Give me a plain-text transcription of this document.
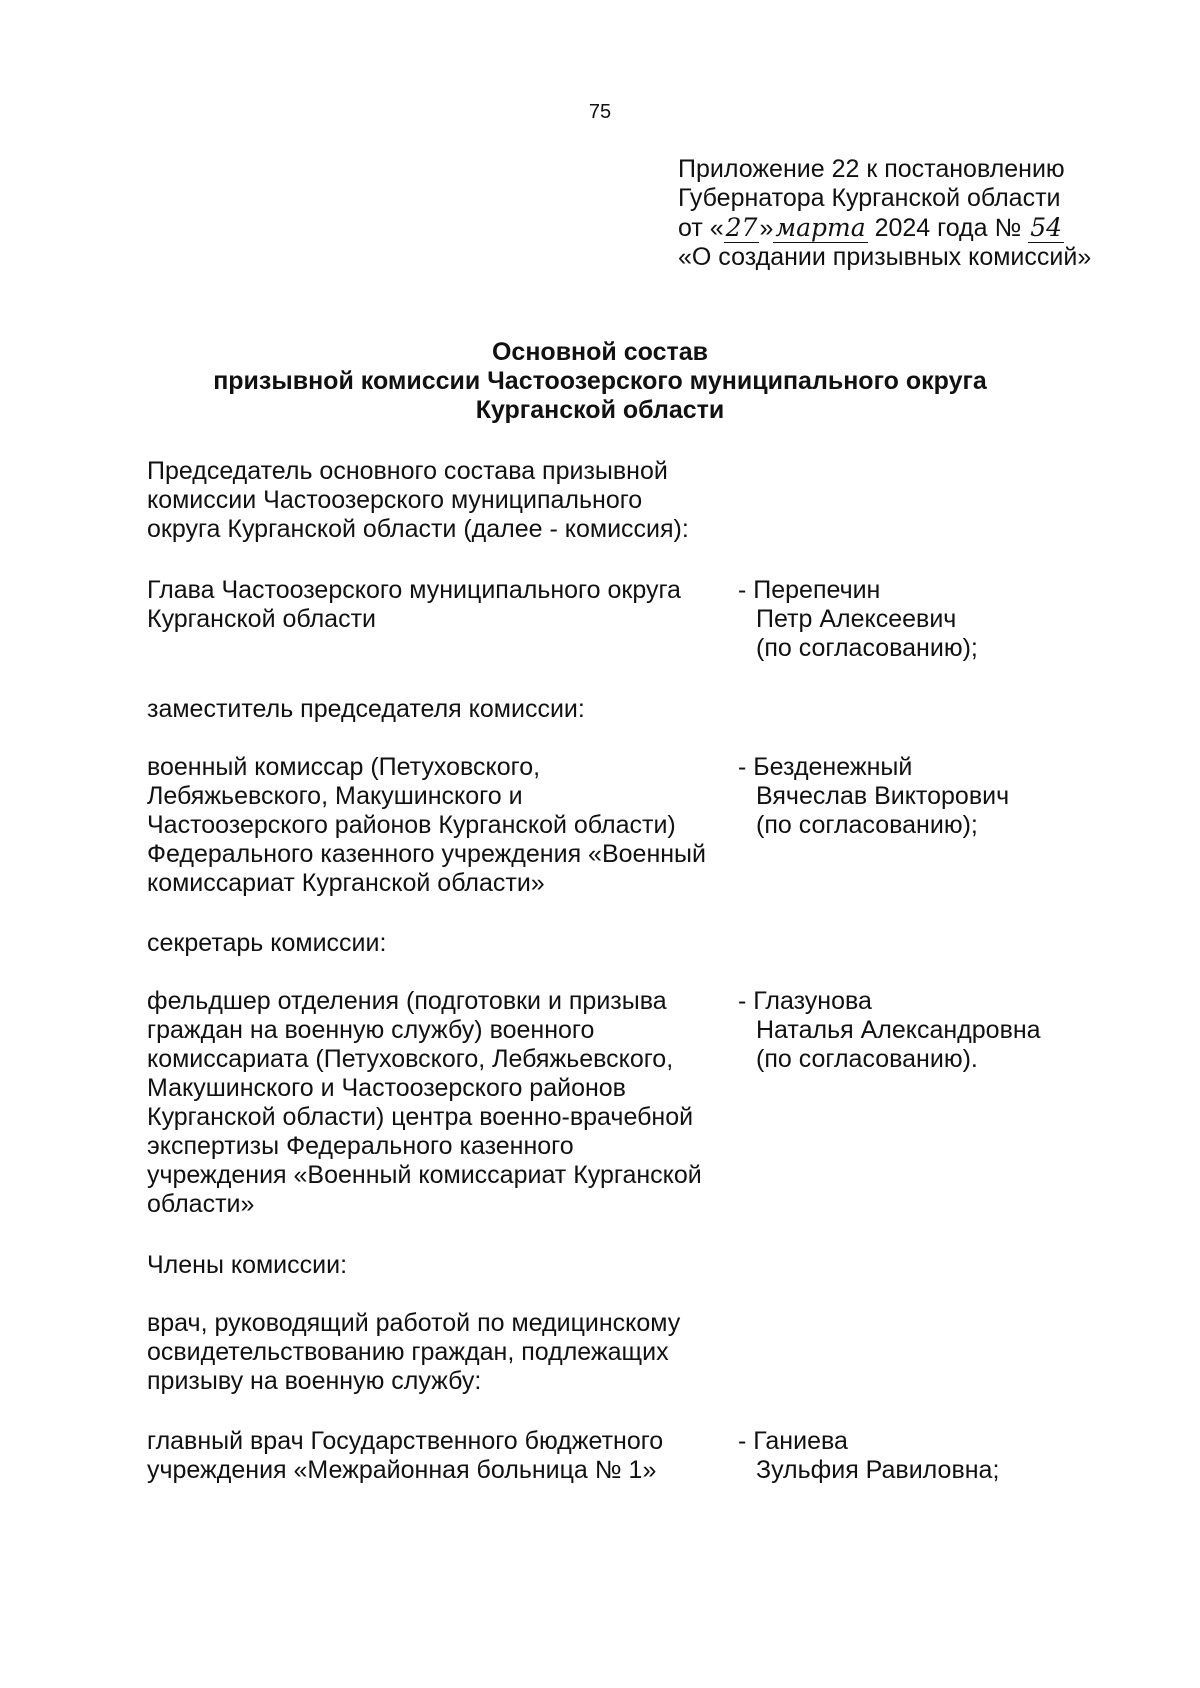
75
Приложение 22 к постановлению
Губернатора Курганской области
от «27»марта 2024 года № 54
«О создании призывных комиссий»
Основной состав
призывной комиссии Частоозерского муниципального округа
Курганской области
Председатель основного состава призывной
комиссии Частоозерского муниципального
округа Курганской области (далее - комиссия):
Глава Частоозерского муниципального округа
Курганской области
- Перепечин
Петр Алексеевич
(по согласованию);
заместитель председателя комиссии:
военный комиссар (Петуховского,
Лебяжьевского, Макушинского и
Частоозерского районов Курганской области)
Федерального казенного учреждения «Военный
комиссариат Курганской области»
- Безденежный
Вячеслав Викторович
(по согласованию);
секретарь комиссии:
фельдшер отделения (подготовки и призыва
граждан на военную службу) военного
комиссариата (Петуховского, Лебяжьевского,
Макушинского и Частоозерского районов
Курганской области) центра военно-врачебной
экспертизы Федерального казенного
учреждения «Военный комиссариат Курганской
области»
- Глазунова
Наталья Александровна
(по согласованию).
Члены комиссии:
врач, руководящий работой по медицинскому
освидетельствованию граждан, подлежащих
призыву на военную службу:
главный врач Государственного бюджетного
учреждения «Межрайонная больница № 1»
- Ганиева
Зульфия Равиловна;
